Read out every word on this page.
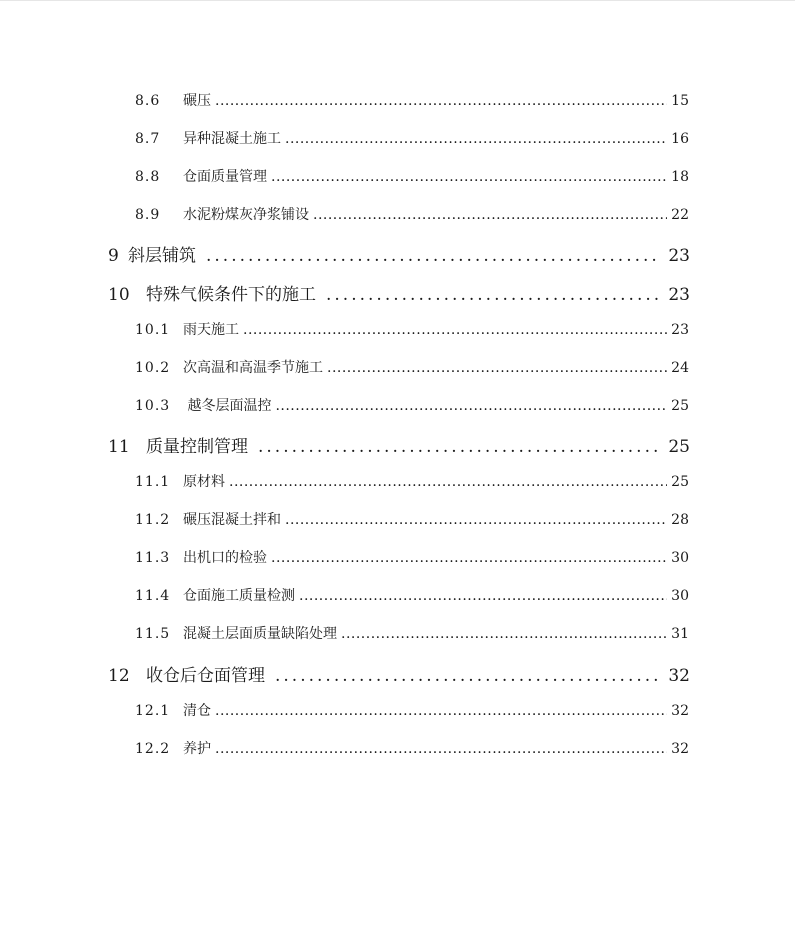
8.6	碾压 .....	15
8.7	异种混凝土施工 .....	16
8.8	仓面质量管理 .....	18
8.9	水泥粉煤灰净浆铺设 .....	22
9 斜层铺筑 .....	23
10 特殊气候条件下的施工 .....	23
10.1 雨天施工 .....	23
10.2 次高温和高温季节施工 .....	24
10.3 越冬层面温控 .....	25
11 质量控制管理 .....	25
11.1 原材料 .....	25
11.2 碾压混凝土拌和 .....	28
11.3 出机口的检验 .....	30
11.4 仓面施工质量检测 .....	30
11.5 混凝土层面质量缺陷处理 .....	31
12 收仓后仓面管理 .....	32
12.1 清仓 .....	32
12.2 养护 .....	32
